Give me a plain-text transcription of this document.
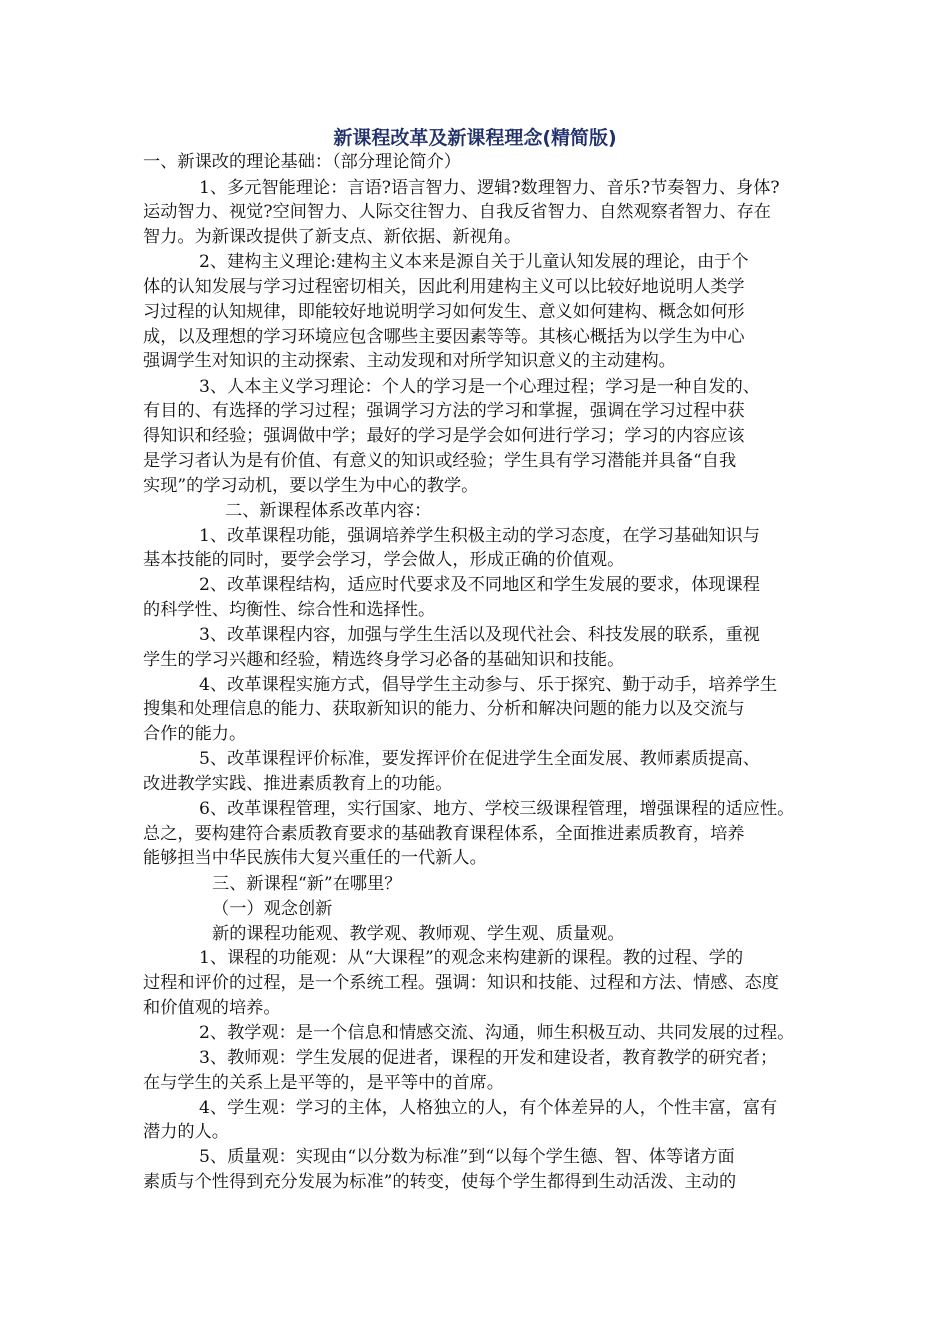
新课程改革及新课程理念(精简版)
一、新课改的理论基础：（部分理论简介）
1、多元智能理论：言语?语言智力、逻辑?数理智力、音乐?节奏智力、身体?
运动智力、视觉?空间智力、人际交往智力、自我反省智力、自然观察者智力、存在
智力。为新课改提供了新支点、新依据、新视角。
2、建构主义理论:建构主义本来是源自关于儿童认知发展的理论，由于个
体的认知发展与学习过程密切相关，因此利用建构主义可以比较好地说明人类学
习过程的认知规律，即能较好地说明学习如何发生、意义如何建构、概念如何形
成，以及理想的学习环境应包含哪些主要因素等等。其核心概括为以学生为中心
强调学生对知识的主动探索、主动发现和对所学知识意义的主动建构。
3、人本主义学习理论：个人的学习是一个心理过程；学习是一种自发的、
有目的、有选择的学习过程；强调学习方法的学习和掌握，强调在学习过程中获
得知识和经验；强调做中学；最好的学习是学会如何进行学习；学习的内容应该
是学习者认为是有价值、有意义的知识或经验；学生具有学习潜能并具备“自我
实现”的学习动机，要以学生为中心的教学。
二、新课程体系改革内容：
1、改革课程功能，强调培养学生积极主动的学习态度，在学习基础知识与
基本技能的同时，要学会学习，学会做人，形成正确的价值观。
2、改革课程结构，适应时代要求及不同地区和学生发展的要求，体现课程
的科学性、均衡性、综合性和选择性。
3、改革课程内容，加强与学生生活以及现代社会、科技发展的联系，重视
学生的学习兴趣和经验，精选终身学习必备的基础知识和技能。
4、改革课程实施方式，倡导学生主动参与、乐于探究、勤于动手，培养学生
搜集和处理信息的能力、获取新知识的能力、分析和解决问题的能力以及交流与
合作的能力。
5、改革课程评价标准，要发挥评价在促进学生全面发展、教师素质提高、
改进教学实践、推进素质教育上的功能。
6、改革课程管理，实行国家、地方、学校三级课程管理，增强课程的适应性。
总之，要构建符合素质教育要求的基础教育课程体系，全面推进素质教育，培养
能够担当中华民族伟大复兴重任的一代新人。
三、新课程“新”在哪里？
（一）观念创新
新的课程功能观、教学观、教师观、学生观、质量观。
1、课程的功能观：从“大课程”的观念来构建新的课程。教的过程、学的
过程和评价的过程，是一个系统工程。强调：知识和技能、过程和方法、情感、态度
和价值观的培养。
2、教学观：是一个信息和情感交流、沟通，师生积极互动、共同发展的过程。
3、教师观：学生发展的促进者，课程的开发和建设者，教育教学的研究者；
在与学生的关系上是平等的，是平等中的首席。
4、学生观：学习的主体，人格独立的人，有个体差异的人，个性丰富，富有
潜力的人。
5、质量观：实现由“以分数为标准”到“以每个学生德、智、体等诸方面
素质与个性得到充分发展为标准”的转变，使每个学生都得到生动活泼、主动的
